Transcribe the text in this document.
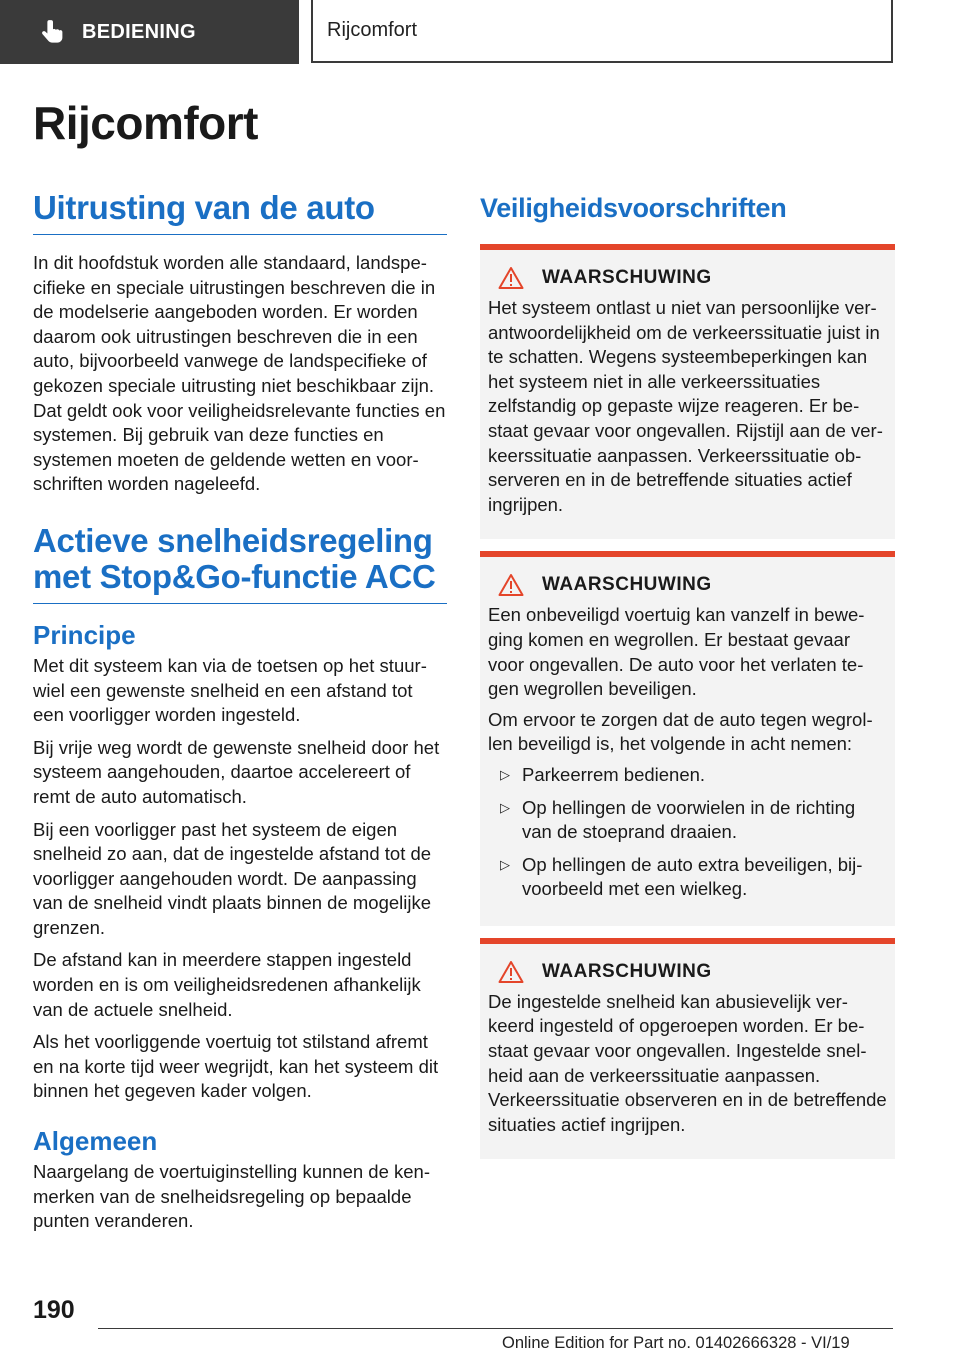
BEDIENING	Rijcomfort
Rijcomfort
Uitrusting van de auto

In dit hoofdstuk worden alle standaard, landspecifieke en speciale uitrustingen beschreven die in de modelserie aangeboden worden. Er worden daarom ook uitrustingen beschreven die in een auto, bijvoorbeeld vanwege de landspecifieke of gekozen speciale uitrusting niet beschikbaar zijn. Dat geldt ook voor veiligheidsrelevante functies en systemen. Bij gebruik van deze functies en systemen moeten de geldende wetten en voorschriften worden nageleefd.

Actieve snelheidsregeling met Stop&Go-functie ACC
Principe

Met dit systeem kan via de toetsen op het stuurwiel een gewenste snelheid en een afstand tot een voorligger worden ingesteld.

Bij vrije weg wordt de gewenste snelheid door het systeem aangehouden, daartoe accelereert of remt de auto automatisch.

Bij een voorligger past het systeem de eigen snelheid zo aan, dat de ingestelde afstand tot de voorligger aangehouden wordt. De aanpassing van de snelheid vindt plaats binnen de mogelijke grenzen.

De afstand kan in meerdere stappen ingesteld worden en is om veiligheidsredenen afhankelijk van de actuele snelheid.

Als het voorliggende voertuig tot stilstand afremt en na korte tijd weer wegrijdt, kan het systeem dit binnen het gegeven kader volgen.

Algemeen

Naargelang de voertuiginstelling kunnen de kenmerken van de snelheidsregeling op bepaalde punten veranderen.

Veiligheidsvoorschriften
WAARSCHUWING

Het systeem ontlast u niet van persoonlijke verantwoordelijkheid om de verkeerssituatie juist in te schatten. Wegens systeembeperkingen kan het systeem niet in alle verkeerssituaties zelfstandig op gepaste wijze reageren. Er bestaat gevaar voor ongevallen. Rijstijl aan de verkeerssituatie aanpassen. Verkeerssituatie observeren en in de betreffende situaties actief ingrijpen.

WAARSCHUWING

Een onbeveiligd voertuig kan vanzelf in beweging komen en wegrollen. Er bestaat gevaar voor ongevallen. De auto voor het verlaten tegen wegrollen beveiligen.

Om ervoor te zorgen dat de auto tegen wegrollen beveiligd is, het volgende in acht nemen:

▷ Parkeerrem bedienen.
▷ Op hellingen de voorwielen in de richting van de stoeprand draaien.
▷ Op hellingen de auto extra beveiligen, bijvoorbeeld met een wielkeg.
WAARSCHUWING

De ingestelde snelheid kan abusievelijk verkeerd ingesteld of opgeroepen worden. Er bestaat gevaar voor ongevallen. Ingestelde snelheid aan de verkeerssituatie aanpassen. Verkeerssituatie observeren en in de betreffende situaties actief ingrijpen.

190
Online Edition for Part no. 01402666328 - VI/19
